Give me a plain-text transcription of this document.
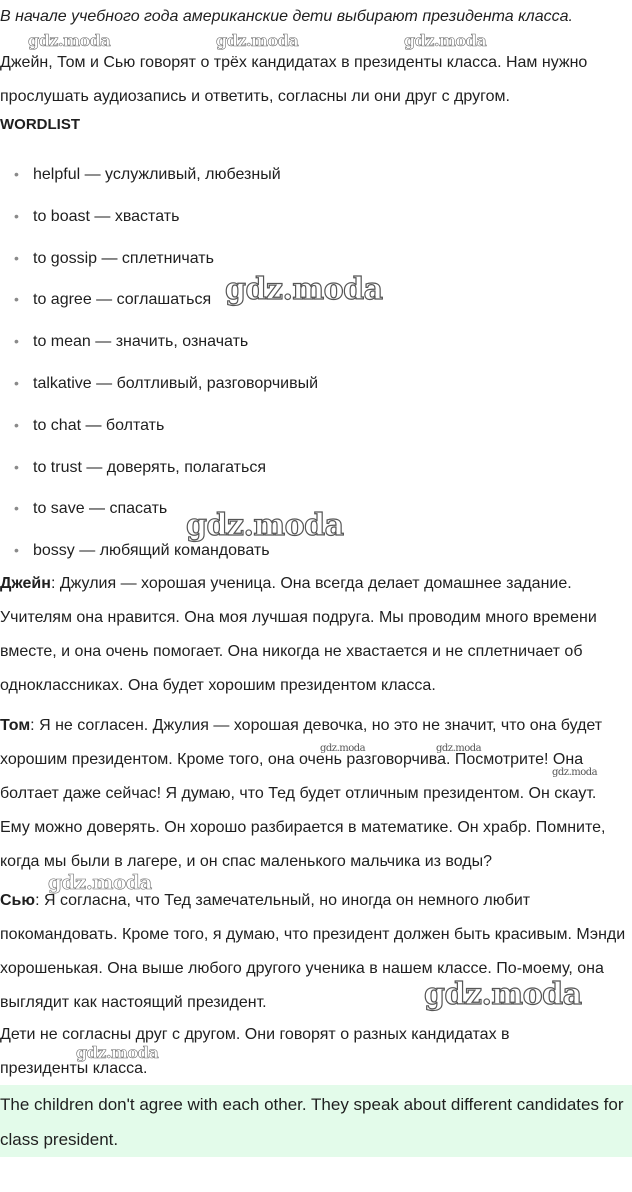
В начале учебного года американские дети выбирают президента класса.

Джейн, Том и Сью говорят о трёх кандидатах в президенты класса. Нам нужно прослушать аудиозапись и ответить, согласны ли они друг с другом.

WORDLIST

• helpful — услужливый, любезный
• to boast — хвастать
• to gossip — сплетничать
• to agree — соглашаться
• to mean — значить, означать
• talkative — болтливый, разговорчивый
• to chat — болтать
• to trust — доверять, полагаться
• to save — спасать
• bossy — любящий командовать

Джейн: Джулия — хорошая ученица. Она всегда делает домашнее задание. Учителям она нравится. Она моя лучшая подруга. Мы проводим много времени вместе, и она очень помогает. Она никогда не хвастается и не сплетничает об одноклассниках. Она будет хорошим президентом класса.

Том: Я не согласен. Джулия — хорошая девочка, но это не значит, что она будет хорошим президентом. Кроме того, она очень разговорчива. Посмотрите! Она болтает даже сейчас! Я думаю, что Тед будет отличным президентом. Он скаут. Ему можно доверять. Он хорошо разбирается в математике. Он храбр. Помните, когда мы были в лагере, и он спас маленького мальчика из воды?

Сью: Я согласна, что Тед замечательный, но иногда он немного любит покомандовать. Кроме того, я думаю, что президент должен быть красивым. Мэнди хорошенькая. Она выше любого другого ученика в нашем классе. По-моему, она выглядит как настоящий президент.

Дети не согласны друг с другом. Они говорят о разных кандидатах в президенты класса.

The children don't agree with each other. They speak about different candidates for class president.

gdz.moda	gdz.moda	gdz.moda
gdz.moda
gdz.moda
gdz.moda	gdz.moda
gdz.moda
gdz.moda
gdz.moda
gdz.moda
